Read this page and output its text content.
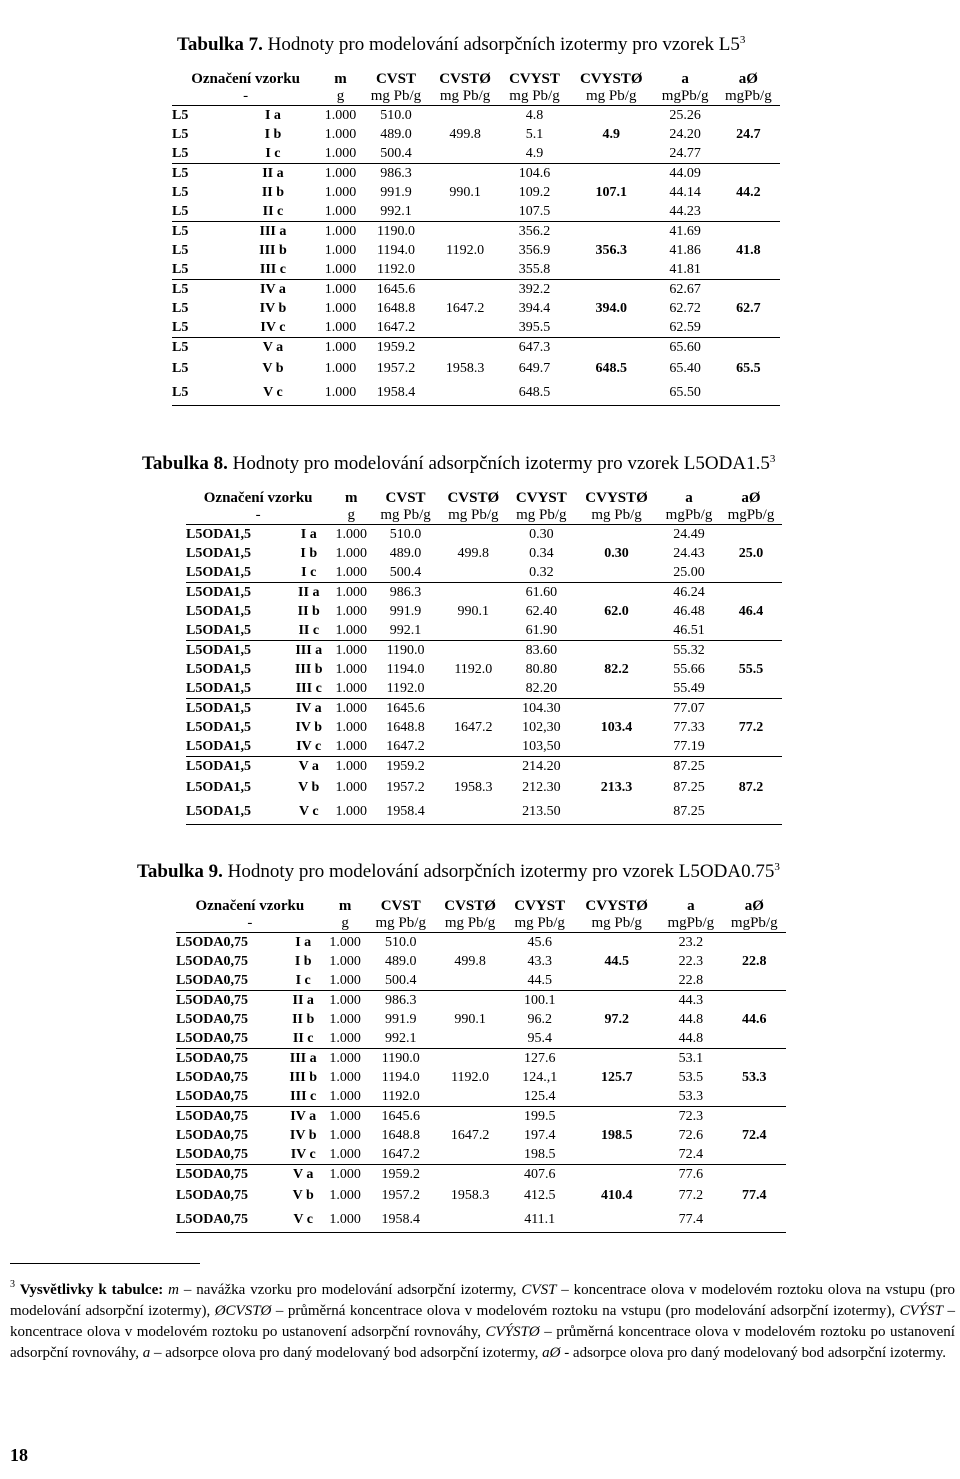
Tabulka 7. Hodnoty pro modelování adsorpčních izotermy pro vzorek $L5^3$
Označení vzorku		m	CVST	CVSTØ	CVYST	CVYSTØ	a	aØ
-		g	mg Pb/g	mg Pb/g	mg Pb/g	mg Pb/g	mgPb/g	mgPb/g
L5	I a	1.000	510.0		4.8		25.26	
L5	I b	1.000	489.0	499.8	5.1	4.9	24.20	24.7
L5	I c	1.000	500.4		4.9		24.77	
L5	II a	1.000	986.3		104.6		44.09	
L5	II b	1.000	991.9	990.1	109.2	107.1	44.14	44.2
L5	II c	1.000	992.1		107.5		44.23	
L5	III a	1.000	1190.0		356.2		41.69	
L5	III b	1.000	1194.0	1192.0	356.9	356.3	41.86	41.8
L5	III c	1.000	1192.0		355.8		41.81	
L5	IV a	1.000	1645.6		392.2		62.67	
L5	IV b	1.000	1648.8	1647.2	394.4	394.0	62.72	62.7
L5	IV c	1.000	1647.2		395.5		62.59	
L5	V a	1.000	1959.2		647.3		65.60	
L5	V b	1.000	1957.2	1958.3	649.7	648.5	65.40	65.5
L5	V c	1.000	1958.4		648.5		65.50	
Tabulka 8. Hodnoty pro modelování adsorpčních izotermy pro vzorek $L5ODA1.5^3$
Označení vzorku		m	CVST	CVSTØ	CVYST	CVYSTØ	a	aØ
-		g	mg Pb/g	mg Pb/g	mg Pb/g	mg Pb/g	mgPb/g	mgPb/g
L5ODA1,5	I a	1.000	510.0		0.30		24.49	
L5ODA1,5	I b	1.000	489.0	499.8	0.34	0.30	24.43	25.0
L5ODA1,5	I c	1.000	500.4		0.32		25.00	
L5ODA1,5	II a	1.000	986.3		61.60		46.24	
L5ODA1,5	II b	1.000	991.9	990.1	62.40	62.0	46.48	46.4
L5ODA1,5	II c	1.000	992.1		61.90		46.51	
L5ODA1,5	III a	1.000	1190.0		83.60		55.32	
L5ODA1,5	III b	1.000	1194.0	1192.0	80.80	82.2	55.66	55.5
L5ODA1,5	III c	1.000	1192.0		82.20		55.49	
L5ODA1,5	IV a	1.000	1645.6		104.30		77.07	
L5ODA1,5	IV b	1.000	1648.8	1647.2	102,30	103.4	77.33	77.2
L5ODA1,5	IV c	1.000	1647.2		103,50		77.19	
L5ODA1,5	V a	1.000	1959.2		214.20		87.25	
L5ODA1,5	V b	1.000	1957.2	1958.3	212.30	213.3	87.25	87.2
L5ODA1,5	V c	1.000	1958.4		213.50		87.25	
Tabulka 9. Hodnoty pro modelování adsorpčních izotermy pro vzorek L5ODA0.75$^3$
Označení vzorku		m	CVST	CVSTØ	CVYST	CVYSTØ	a	aØ
-		g	mg Pb/g	mg Pb/g	mg Pb/g	mg Pb/g	mgPb/g	mgPb/g
L5ODA0,75	I a	1.000	510.0		45.6		23.2	
L5ODA0,75	I b	1.000	489.0	499.8	43.3	44.5	22.3	22.8
L5ODA0,75	I c	1.000	500.4		44.5		22.8	
L5ODA0,75	II a	1.000	986.3		100.1		44.3	
L5ODA0,75	II b	1.000	991.9	990.1	96.2	97.2	44.8	44.6
L5ODA0,75	II c	1.000	992.1		95.4		44.8	
L5ODA0,75	III a	1.000	1190.0		127.6		53.1	
L5ODA0,75	III b	1.000	1194.0	1192.0	124.,1	125.7	53.5	53.3
L5ODA0,75	III c	1.000	1192.0		125.4		53.3	
L5ODA0,75	IV a	1.000	1645.6		199.5		72.3	
L5ODA0,75	IV b	1.000	1648.8	1647.2	197.4	198.5	72.6	72.4
L5ODA0,75	IV c	1.000	1647.2		198.5		72.4	
L5ODA0,75	V a	1.000	1959.2		407.6		77.6	
L5ODA0,75	V b	1.000	1957.2	1958.3	412.5	410.4	77.2	77.4
L5ODA0,75	V c	1.000	1958.4		411.1		77.4	
$^3$ Vysvětlivky k tabulce: m – navážka vzorku pro modelování adsorpční izotermy, CVST – koncentrace olova v modelovém roztoku olova na vstupu (pro modelování adsorpční izotermy), ØCVSTØ – průměrná koncentrace olova v modelovém roztoku na vstupu (pro modelování adsorpční izotermy), CVÝST – koncentrace olova v modelovém roztoku po ustanovení adsorpční rovnováhy, CVÝSTØ – průměrná koncentrace olova v modelovém roztoku po ustanovení adsorpční rovnováhy, a – adsorpce olova pro daný modelovaný bod adsorpční izotermy, aØ - adsorpce olova pro daný modelovaný bod adsorpční izotermy.
18
